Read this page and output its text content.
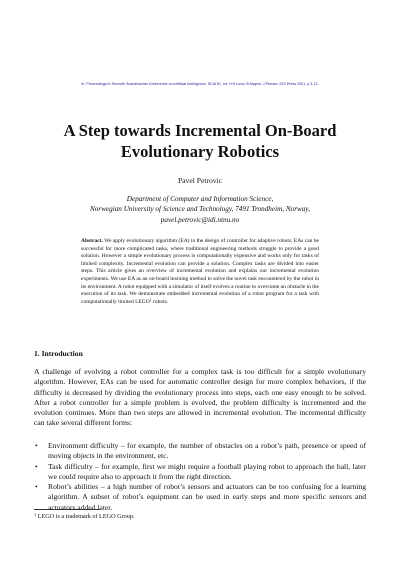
in: Proceedings to Seventh Scandinavian Conference on Artificial Intelligence, SCAI'01, ed. H.H.Lund, B.Mayoh, J.Perram, IOS Press 2001, p.3-13.
A Step towards Incremental On-Board Evolutionary Robotics
Pavel Petrovic
Department of Computer and Information Science,
Norwegian University of Science and Technology, 7491 Trondheim, Norway,
pavel.petrovic@idi.ntnu.no

Abstract. We apply evolutionary algorithm (EA) to the design of controller for adaptive robots. EAs can be successful for more complicated tasks, where traditional engineering methods struggle to provide a good solution. However a simple evolutionary process is computationally expensive and works only for tasks of limited complexity. Incremental evolution can provide a solution. Complex tasks are divided into easier steps. This article gives an overview of incremental evolution and explains our incremental evolution experiments. We use EA as an on-board learning method to solve the novel task encountered by the robot in its environment. A robot equipped with a simulator of itself evolves a routine to overcome an obstacle in the execution of its task. We demonstrate embedded incremental evolution of a robot program for a task with computationally limited LEGO$^1$ robots.

1. Introduction

A challenge of evolving a robot controller for a complex task is too difficult for a simple evolutionary algorithm. However, EAs can be used for automatic controller design for more complex behaviors, if the difficulty is decreased by dividing the evolutionary process into steps, each one easy enough to be solved. After a robot controller for a simple problem is evolved, the problem difficulty is incremented and the evolution continues. More than two steps are allowed in incremental evolution. The incremental difficulty can take several different forms:

• Environment difficulty – for example, the number of obstacles on a robot’s path, presence or speed of moving objects in the environment, etc.
• Task difficulty – for example, first we might require a football playing robot to approach the ball, later we could require also to approach it from the right direction.
• Robot’s abilities – a high number of robot’s sensors and actuators can be too confusing for a learning algorithm. A subset of robot’s equipment can be used in early steps and more specific sensors and actuators added later.
$^1$ LEGO is a trademark of LEGO Group.
